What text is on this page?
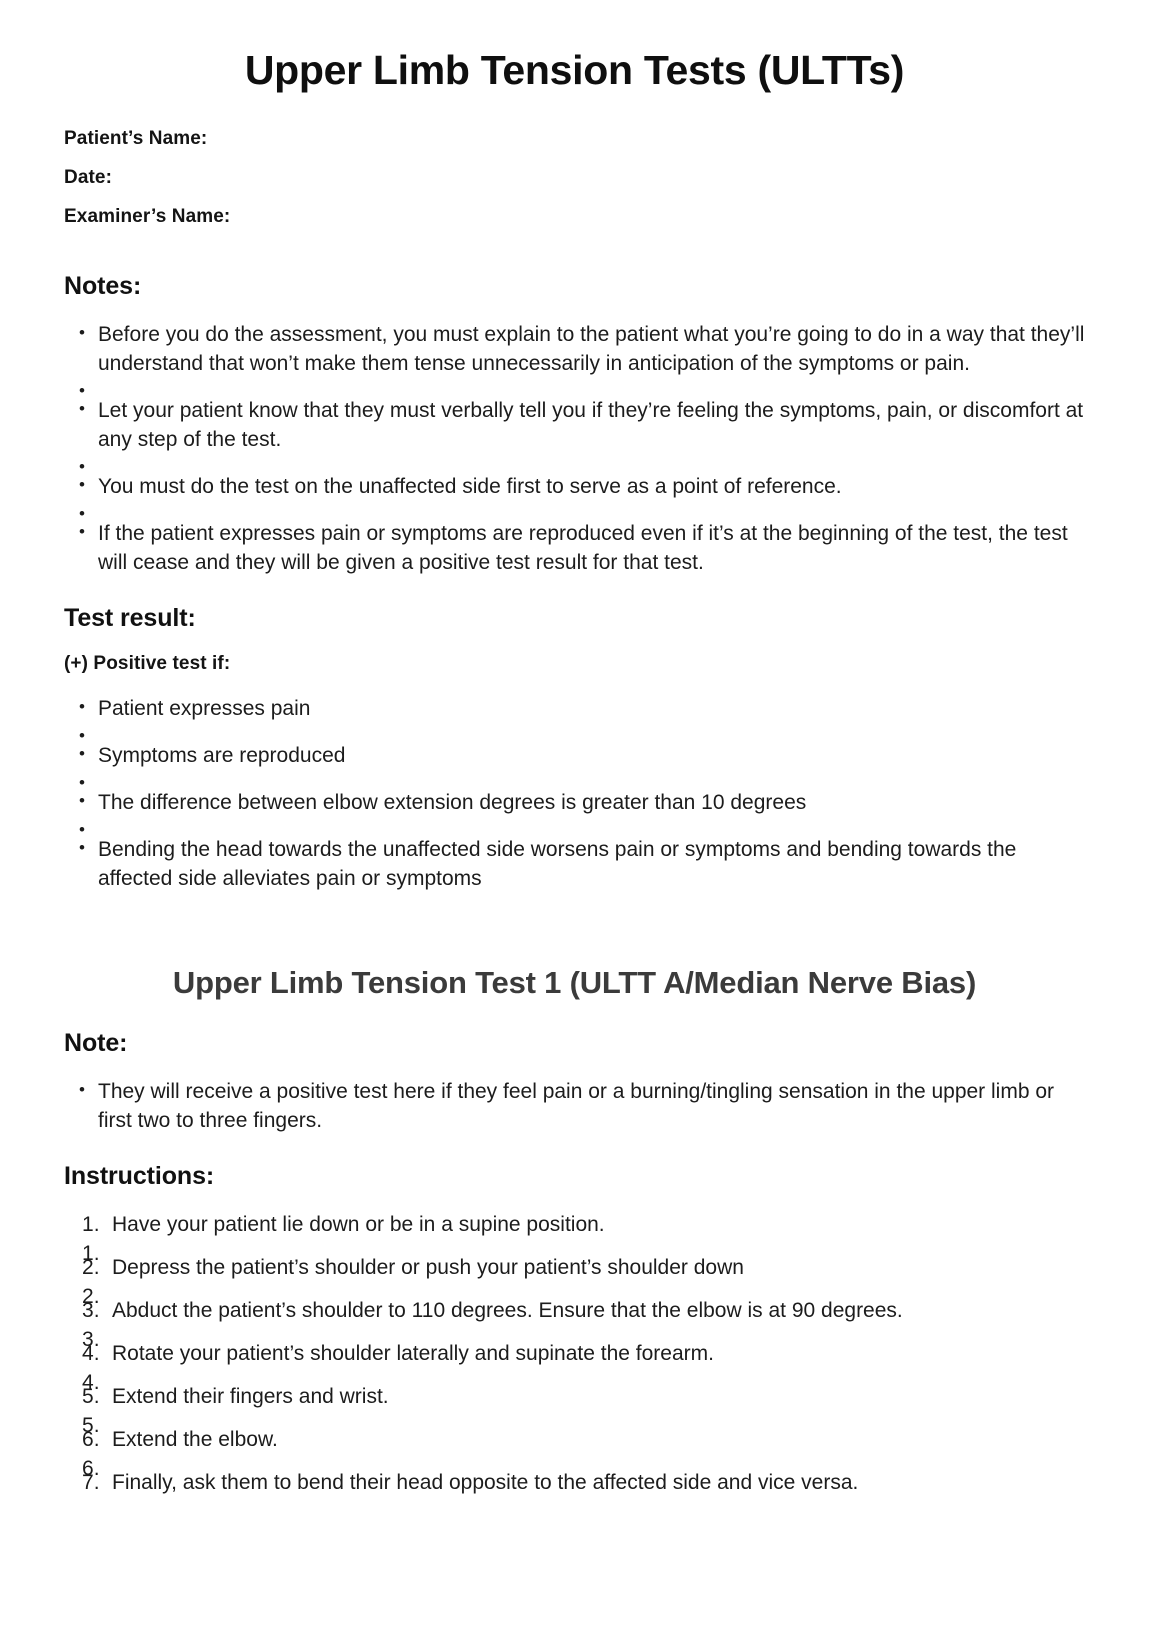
Upper Limb Tension Tests (ULTTs)
Patient’s Name:
Date:
Examiner’s Name:
Notes:
• Before you do the assessment, you must explain to the patient what you’re going to do in a way that they’ll understand that won’t make them tense unnecessarily in anticipation of the symptoms or pain.
•
• Let your patient know that they must verbally tell you if they’re feeling the symptoms, pain, or discomfort at any step of the test.
•
• You must do the test on the unaffected side first to serve as a point of reference.
•
• If the patient expresses pain or symptoms are reproduced even if it’s at the beginning of the test, the test will cease and they will be given a positive test result for that test.
Test result:
(+) Positive test if:
• Patient expresses pain
•
• Symptoms are reproduced
•
• The difference between elbow extension degrees is greater than 10 degrees
•
• Bending the head towards the unaffected side worsens pain or symptoms and bending towards the affected side alleviates pain or symptoms
Upper Limb Tension Test 1 (ULTT A/Median Nerve Bias)
Note:
• They will receive a positive test here if they feel pain or a burning/tingling sensation in the upper limb or first two to three fingers.
Instructions:
Have your patient lie down or be in a supine position.
Depress the patient’s shoulder or push your patient’s shoulder down
Abduct the patient’s shoulder to 110 degrees. Ensure that the elbow is at 90 degrees.
Rotate your patient’s shoulder laterally and supinate the forearm.
Extend their fingers and wrist.
Extend the elbow.
Finally, ask them to bend their head opposite to the affected side and vice versa.
